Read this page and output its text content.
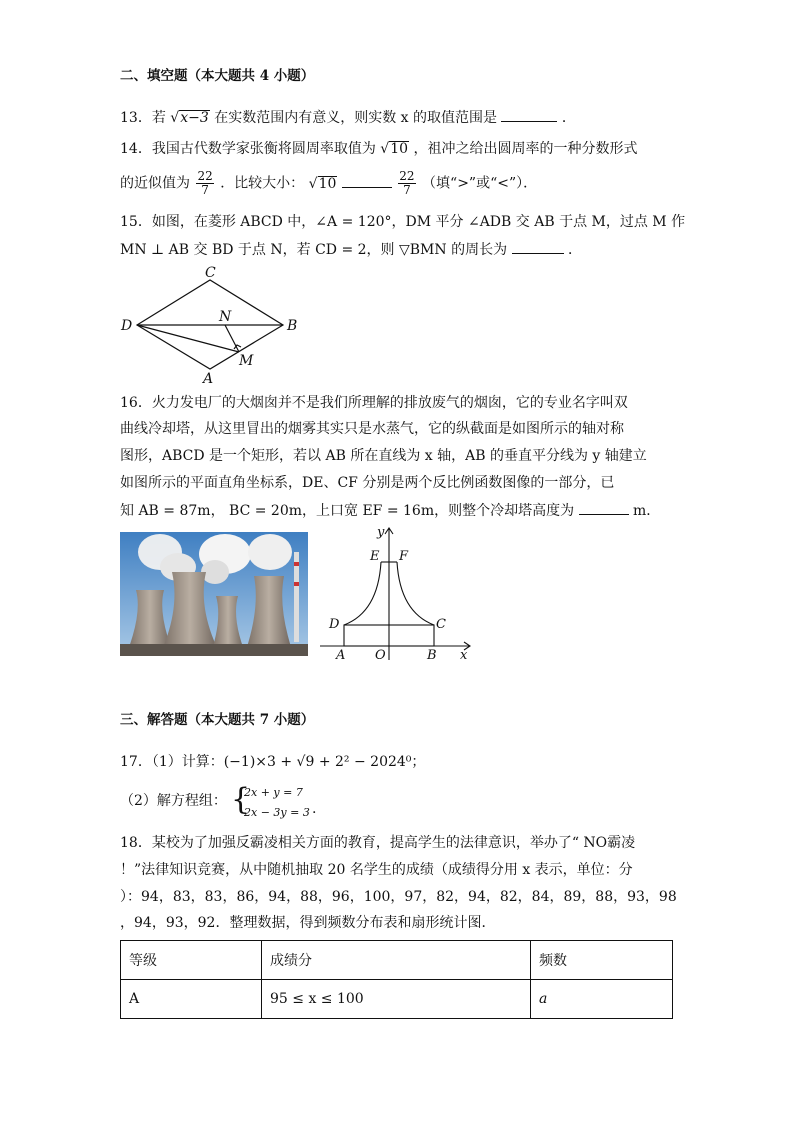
二、填空题（本大题共 4 小题）
13．若 √x−3 在实数范围内有意义，则实数 x 的取值范围是	．
14．我国古代数学家张衡将圆周率取值为 √10 ，祖冲之给出圆周率的一种分数形式
的近似值为 $\frac{22}{7}$ ．比较大小： √10	$\frac{22}{7}$ （填“>”或“<”）．
15．如图，在菱形 ABCD 中，∠A = 120°，DM 平分 ∠ADB 交 AB 于点 M，过点 M 作
MN ⊥ AB 交 BD 于点 N，若 CD = 2，则 ▽BMN 的周长为	．
C
D
N
B
M
A
16．火力发电厂的大烟囱并不是我们所理解的排放废气的烟囱，它的专业名字叫双
曲线冷却塔，从这里冒出的烟雾其实只是水蒸气，它的纵截面是如图所示的轴对称
图形，ABCD 是一个矩形，若以 AB 所在直线为 x 轴，AB 的垂直平分线为 y 轴建立
如图所示的平面直角坐标系，DE、CF 分别是两个反比例函数图像的一部分，已
知 AB = 87m， BC = 20m，上口宽 EF = 16m，则整个冷却塔高度为	m．
y
E F
D	C
A O	B x
三、解答题（本大题共 7 小题）
17．（1）计算：(−1)×3 + √9 + 2² − 2024⁰；
（2）解方程组： {
2x + y = 7
2x − 3y = 3 .
18．某校为了加强反霸凌相关方面的教育，提高学生的法律意识，举办了“ NO霸凌
！”法律知识竞赛，从中随机抽取 20 名学生的成绩（成绩得分用 x 表示，单位：分
）：94，83，83，86，94，88，96，100，97，82，94，82，84，89，88，93，98
，94，93，92．整理数据，得到频数分布表和扇形统计图．
等级	成绩分	频数
A	95 ≤ x ≤ 100	a
